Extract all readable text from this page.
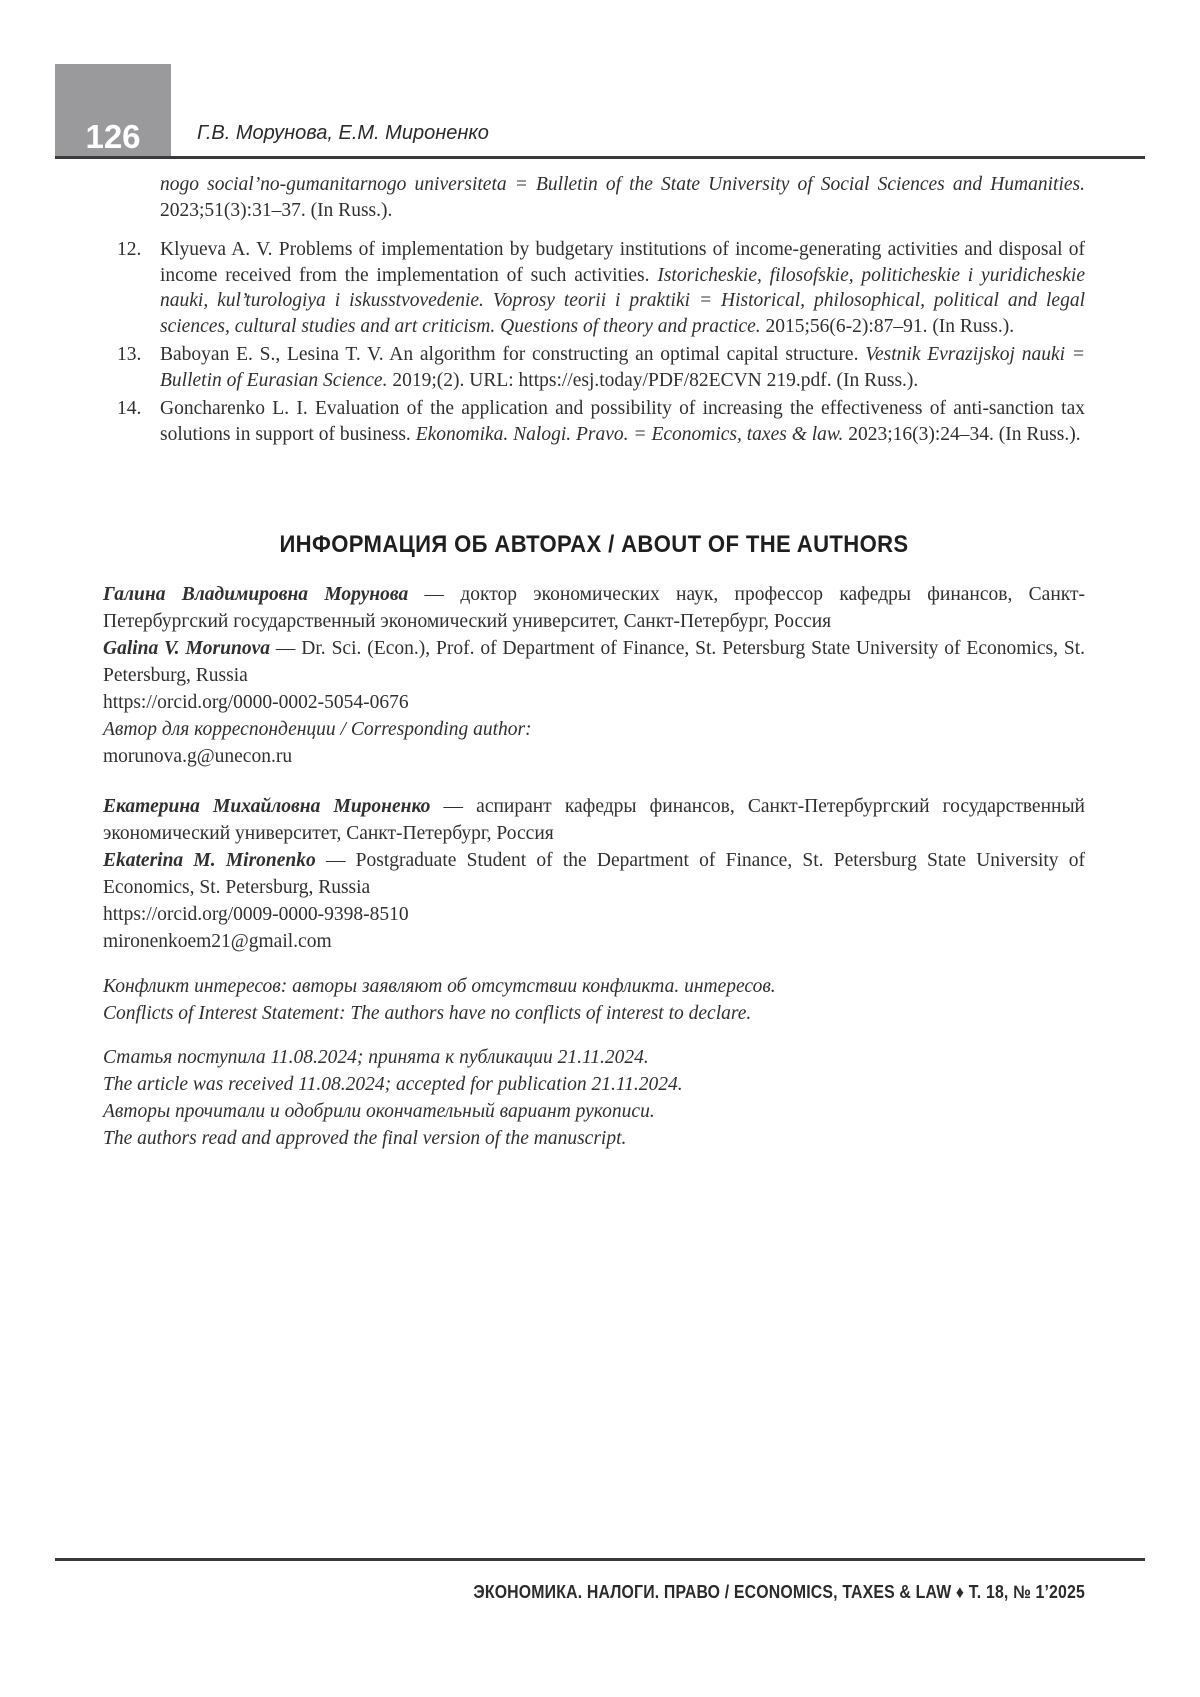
126	Г.В. Морунова, Е.М. Мироненко
nogo social’no-gumanitarnogo universiteta = Bulletin of the State University of Social Sciences and Humanities. 2023;51(3):31–37. (In Russ.).
12. Klyueva A. V. Problems of implementation by budgetary institutions of income-generating activities and disposal of income received from the implementation of such activities. Istoricheskie, filosofskie, politicheskie i yuridicheskie nauki, kul’turologiya i iskusstvovedenie. Voprosy teorii i praktiki = Historical, philosophical, political and legal sciences, cultural studies and art criticism. Questions of theory and practice. 2015;56(6-2):87–91. (In Russ.).
13. Baboyan E. S., Lesina T. V. An algorithm for constructing an optimal capital structure. Vestnik Evrazijskoj nauki = Bulletin of Eurasian Science. 2019;(2). URL: https://esj.today/PDF/82ECVN 219.pdf. (In Russ.).
14. Goncharenko L. I. Evaluation of the application and possibility of increasing the effectiveness of anti-sanction tax solutions in support of business. Ekonomika. Nalogi. Pravo. = Economics, taxes & law. 2023;16(3):24–34. (In Russ.).
ИНФОРМАЦИЯ ОБ АВТОРАХ / ABOUT OF THE AUTHORS
Галина Владимировна Морунова — доктор экономических наук, профессор кафедры финансов, Санкт-Петербургский государственный экономический университет, Санкт-Петербург, Россия
Galina V. Morunova — Dr. Sci. (Econ.), Prof. of Department of Finance, St. Petersburg State University of Economics, St. Petersburg, Russia
https://orcid.org/0000-0002-5054-0676
Автор для корреспонденции / Corresponding author:
morunova.g@unecon.ru
Екатерина Михайловна Мироненко — аспирант кафедры финансов, Санкт-Петербургский государственный экономический университет, Санкт-Петербург, Россия
Ekaterina M. Mironenko — Postgraduate Student of the Department of Finance, St. Petersburg State University of Economics, St. Petersburg, Russia
https://orcid.org/0009-0000-9398-8510
mironenkoem21@gmail.com
Конфликт интересов: авторы заявляют об отсутствии конфликта. интересов.
Conflicts of Interest Statement: The authors have no conflicts of interest to declare.
Статья поступила 11.08.2024; принята к публикации 21.11.2024.
The article was received 11.08.2024; accepted for publication 21.11.2024.
Авторы прочитали и одобрили окончательный вариант рукописи.
The authors read and approved the final version of the manuscript.
ЭКОНОМИКА. НАЛОГИ. ПРАВО / ECONOMICS, TAXES & LAW ♦ Т. 18, № 1’2025
